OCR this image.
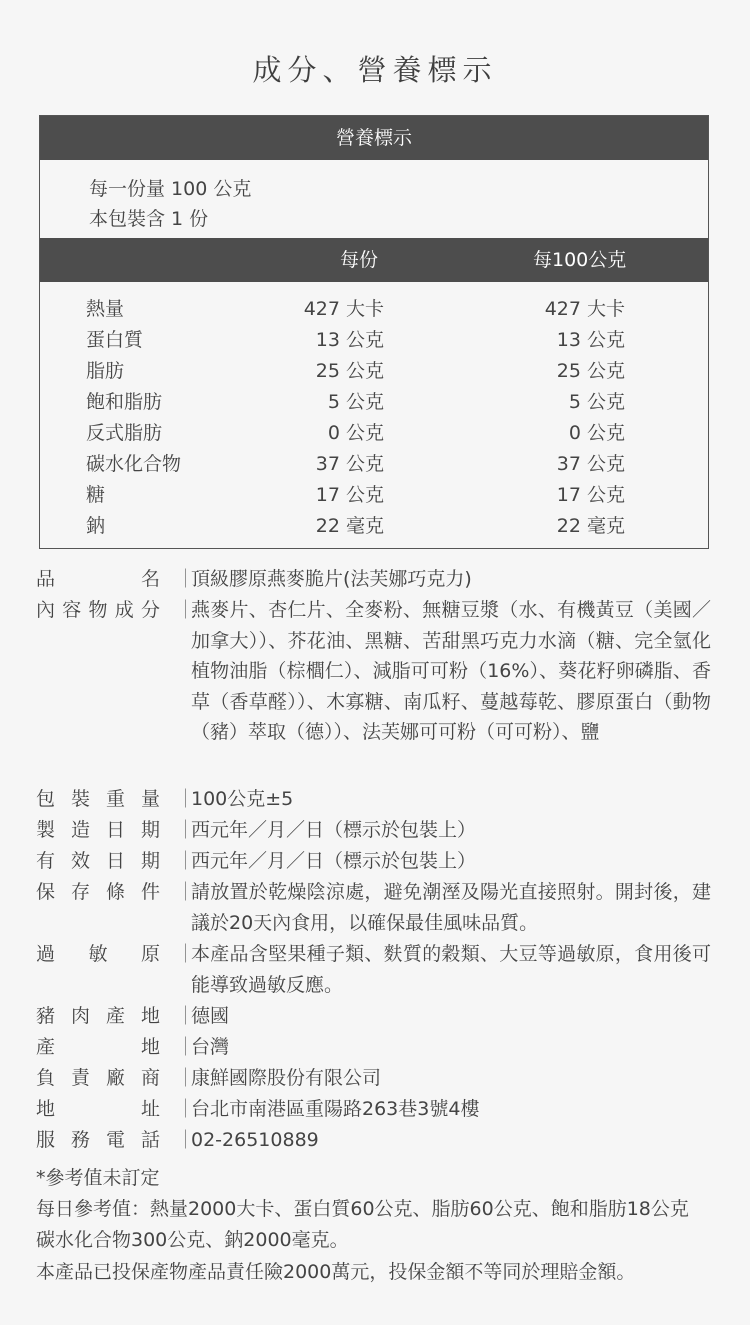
成分、營養標示
營養標示
每一份量 100 公克
本包裝含 1 份
每份	每100公克
熱量	427 大卡	427 大卡
蛋白質	13 公克	13 公克
脂肪	25 公克	25 公克
飽和脂肪	5 公克	5 公克
反式脂肪	0 公克	0 公克
碳水化合物	37 公克	37 公克
糖	17 公克	17 公克
鈉	22 毫克	22 毫克
品	名 ｜
頂級膠原燕麥脆片(法芙娜巧克力)
內 容 物 成 分 ｜
燕麥片、杏仁片、全麥粉、無糖豆漿（水、有機黃豆（美國／加拿大））、芥花油、黑糖、苦甜黑巧克力水滴（糖、完全氫化植物油脂（棕櫚仁）、減脂可可粉（16%）、葵花籽卵磷脂、香草（香草醛））、木寡糖、南瓜籽、蔓越莓乾、膠原蛋白（動物（豬）萃取（德））、法芙娜可可粉（可可粉）、鹽
包 裝 重 量 ｜
100公克±5
製 造 日 期 ｜
西元年／月／日（標示於包裝上）
有 效 日 期 ｜
西元年／月／日（標示於包裝上）
保 存 條 件 ｜
請放置於乾燥陰涼處，避免潮溼及陽光直接照射。開封後，建議於20天內食用，以確保最佳風味品質。
過 敏 原 ｜
本產品含堅果種子類、麩質的穀類、大豆等過敏原，食用後可能導致過敏反應。
豬 肉 產 地 ｜
德國
產	地 ｜
台灣
負 責 廠 商 ｜
康鮮國際股份有限公司
地	址 ｜
台北市南港區重陽路263巷3號4樓
服 務 電 話 ｜
02-26510889
*參考值未訂定
每日參考值：熱量2000大卡、蛋白質60公克、脂肪60公克、飽和脂肪18公克
碳水化合物300公克、鈉2000毫克。
本產品已投保產物產品責任險2000萬元，投保金額不等同於理賠金額。
